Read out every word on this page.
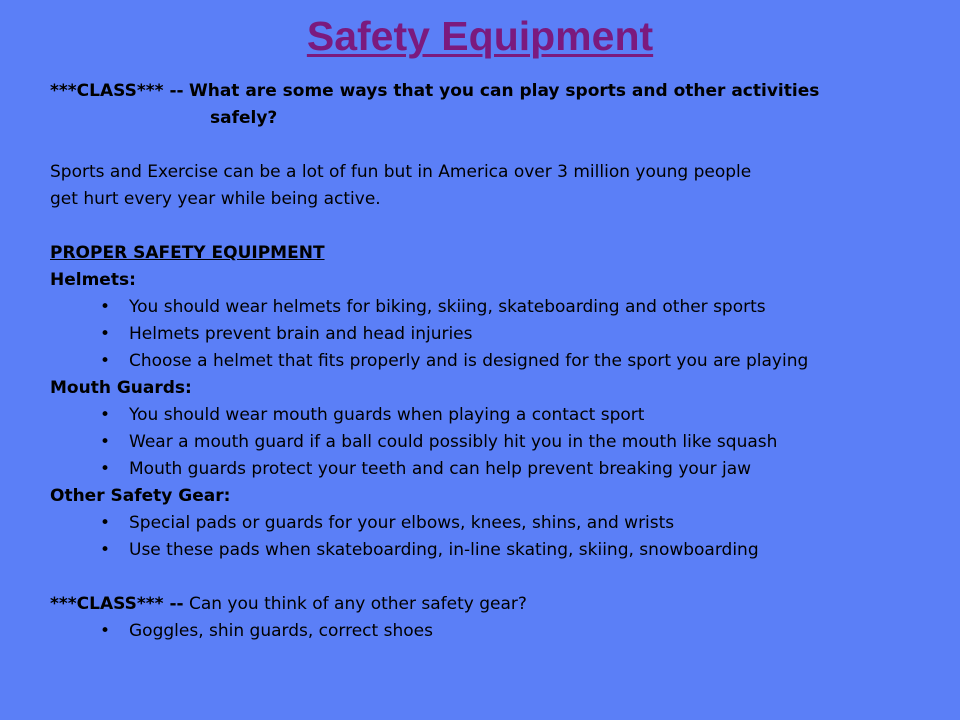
Safety Equipment
***CLASS*** -- What are some ways that you can play sports and other activities
safely?
Sports and Exercise can be a lot of fun but in America over 3 million young people
get hurt every year while being active.
PROPER SAFETY EQUIPMENT
Helmets:
• You should wear helmets for biking, skiing, skateboarding and other sports
• Helmets prevent brain and head injuries
• Choose a helmet that fits properly and is designed for the sport you are playing
Mouth Guards:
• You should wear mouth guards when playing a contact sport
• Wear a mouth guard if a ball could possibly hit you in the mouth like squash
• Mouth guards protect your teeth and can help prevent breaking your jaw
Other Safety Gear:
• Special pads or guards for your elbows, knees, shins, and wrists
• Use these pads when skateboarding, in-line skating, skiing, snowboarding
***CLASS*** -- Can you think of any other safety gear?
• Goggles, shin guards, correct shoes
